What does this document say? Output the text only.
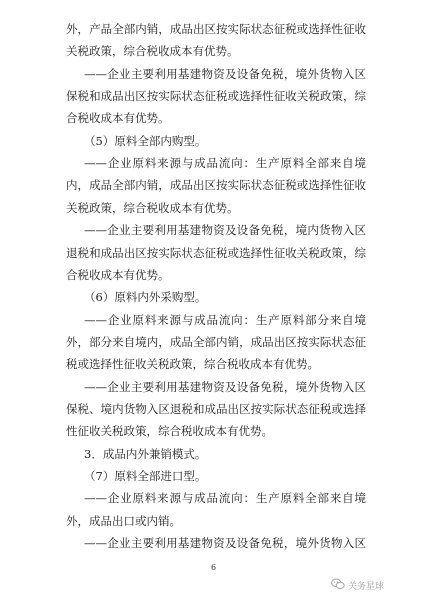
外，产品全部内销，成品出区按实际状态征税或选择性征收
关税政策，综合税收成本有优势。
——企业主要利用基建物资及设备免税，境外货物入区
保税和成品出区按实际状态征税或选择性征收关税政策，综
合税收成本有优势。
（5）原料全部内购型。
——企业原料来源与成品流向：生产原料全部来自境
内，成品全部内销，成品出区按实际状态征税或选择性征收
关税政策，综合税收成本有优势。
——企业主要利用基建物资及设备免税，境内货物入区
退税和成品出区按实际状态征税或选择性征收关税政策，综
合税收成本有优势。
（6）原料内外采购型。
——企业原料来源与成品流向：生产原料部分来自境
外，部分来自境内，成品全部内销，成品出区按实际状态征
税或选择性征收关税政策，综合税收成本有优势。
——企业主要利用基建物资及设备免税，境外货物入区
保税、境内货物入区退税和成品出区按实际状态征税或选择
性征收关税政策，综合税收成本有优势。
3．成品内外兼销模式。
（7）原料全部进口型。
——企业原料来源与成品流向：生产原料全部来自境
外，成品出口或内销。
——企业主要利用基建物资及设备免税，境外货物入区
6
关务星球
